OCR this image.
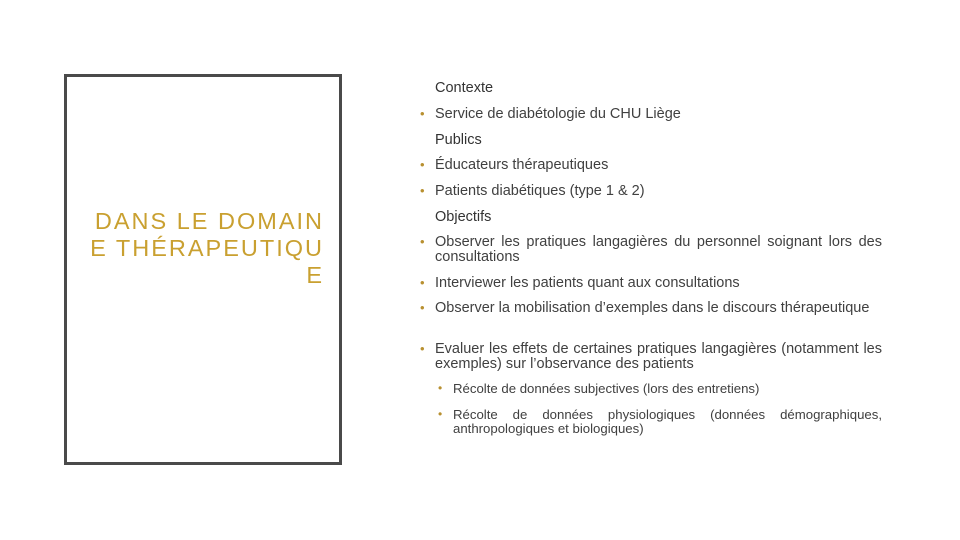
DANS LE DOMAINE THÉRAPEUTIQUE
Contexte
• Service de diabétologie du CHU Liège
Publics
• Éducateurs thérapeutiques
• Patients diabétiques (type 1 & 2)
Objectifs
• Observer les pratiques langagières du personnel soignant lors des consultations
• Interviewer les patients quant aux consultations
• Observer la mobilisation d’exemples dans le discours thérapeutique
• Evaluer les effets de certaines pratiques langagières (notamment les exemples) sur l’observance des patients
• Récolte de données subjectives (lors des entretiens)
• Récolte de données physiologiques (données démographiques, anthropologiques et biologiques)
